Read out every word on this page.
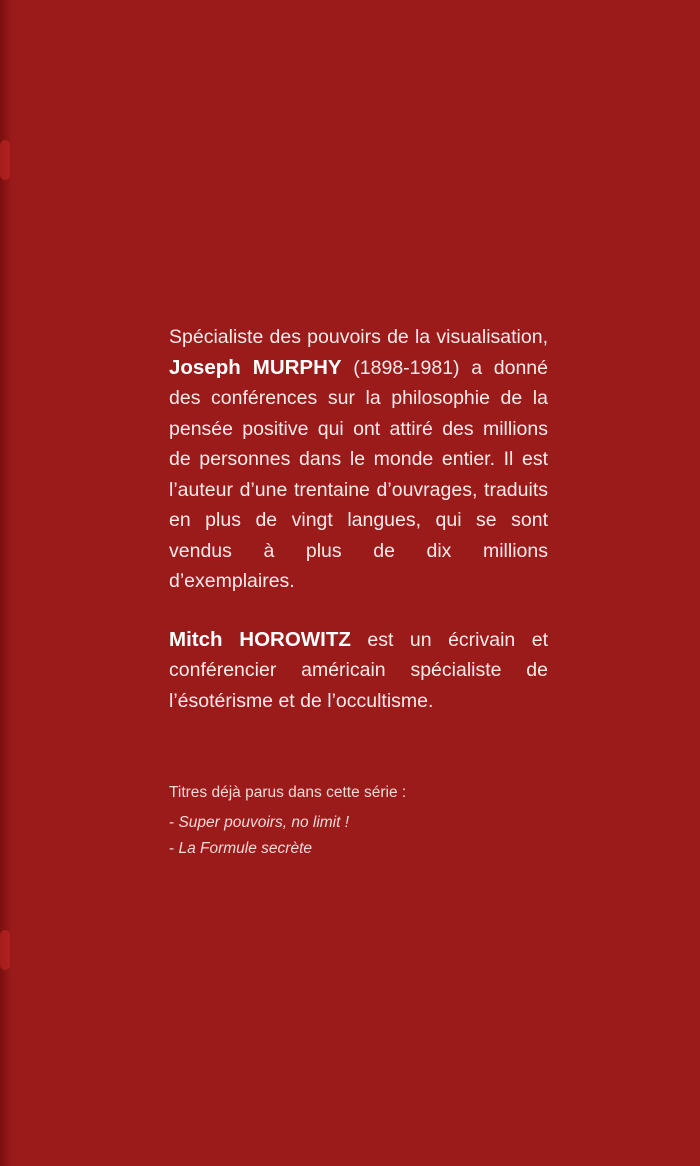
Spécialiste des pouvoirs de la visualisation, Joseph MURPHY (1898-1981) a donné des conférences sur la philosophie de la pensée positive qui ont attiré des millions de personnes dans le monde entier. Il est l’auteur d’une trentaine d’ouvrages, traduits en plus de vingt langues, qui se sont vendus à plus de dix millions d’exemplaires.

Mitch HOROWITZ est un écrivain et conférencier américain spécialiste de l’ésotérisme et de l’occultisme.

Titres déjà parus dans cette série :

- Super pouvoirs, no limit !
- La Formule secrète
